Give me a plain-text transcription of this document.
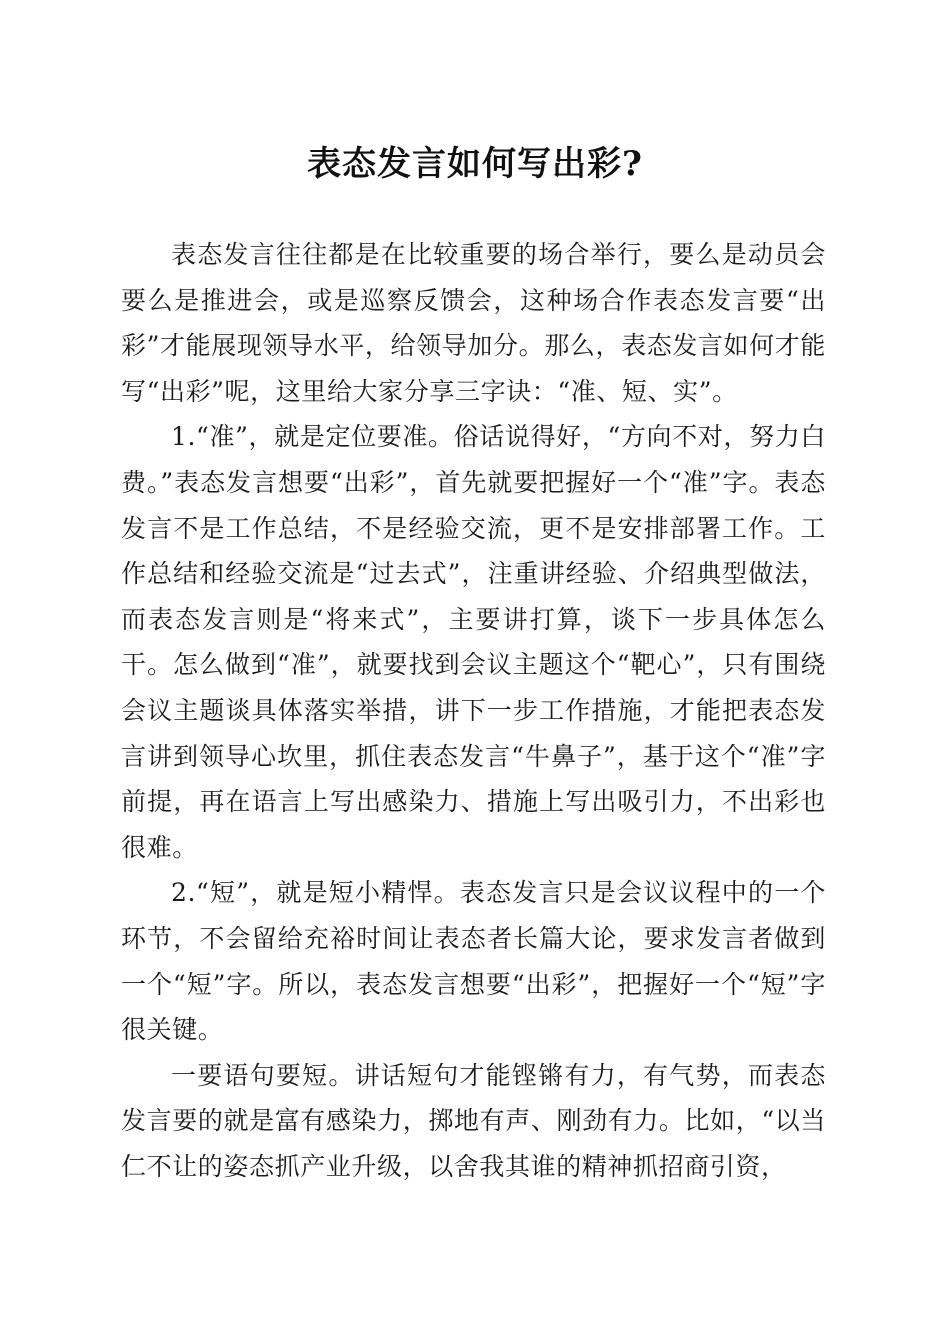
表态发言如何写出彩?

表态发言往往都是在比较重要的场合举行，要么是动员会要么是推进会，或是巡察反馈会，这种场合作表态发言要“出彩”才能展现领导水平，给领导加分。那么，表态发言如何才能写“出彩”呢，这里给大家分享三字诀：“准、短、实”。

1.“准”，就是定位要准。俗话说得好，“方向不对，努力白费。”表态发言想要“出彩”，首先就要把握好一个“准”字。表态发言不是工作总结，不是经验交流，更不是安排部署工作。工作总结和经验交流是“过去式”，注重讲经验、介绍典型做法，而表态发言则是“将来式”，主要讲打算，谈下一步具体怎么干。怎么做到“准”，就要找到会议主题这个“靶心”，只有围绕会议主题谈具体落实举措，讲下一步工作措施，才能把表态发言讲到领导心坎里，抓住表态发言“牛鼻子”，基于这个“准”字前提，再在语言上写出感染力、措施上写出吸引力，不出彩也很难。

2.“短”，就是短小精悍。表态发言只是会议议程中的一个环节，不会留给充裕时间让表态者长篇大论，要求发言者做到一个“短”字。所以，表态发言想要“出彩”，把握好一个“短”字很关键。

一要语句要短。讲话短句才能铿锵有力，有气势，而表态发言要的就是富有感染力，掷地有声、刚劲有力。比如，“以当仁不让的姿态抓产业升级，以舍我其谁的精神抓招商引资，
